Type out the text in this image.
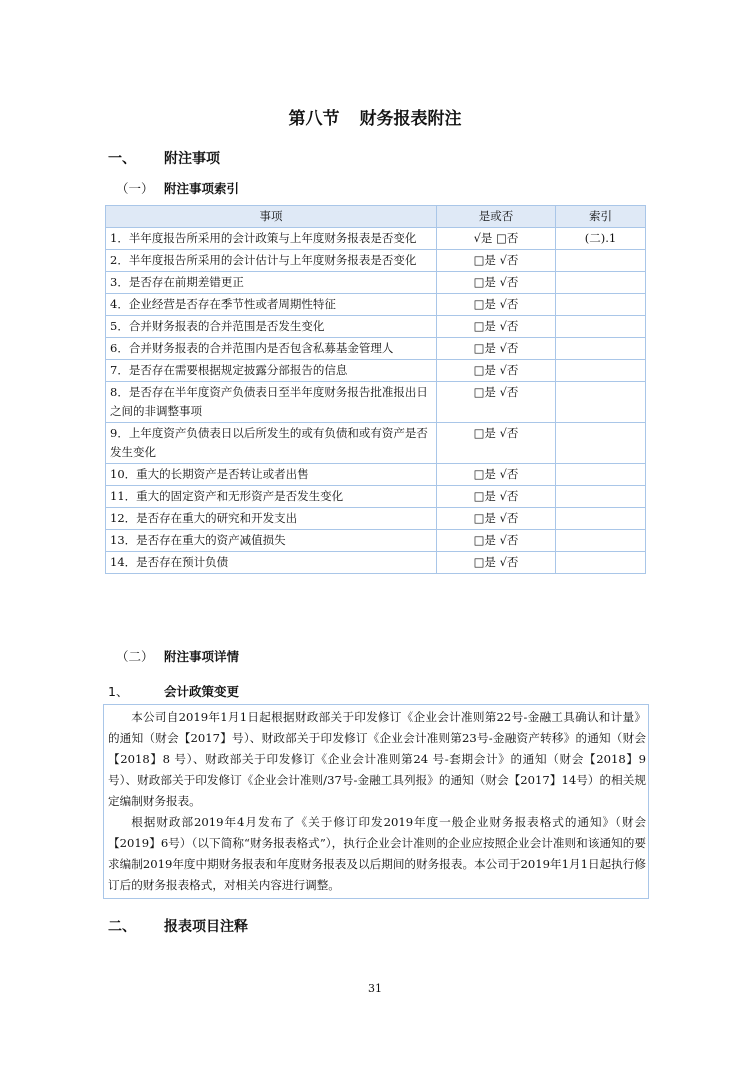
第八节 财务报表附注
一、 附注事项
（一） 附注事项索引
事项	是或否	索引
1．半年度报告所采用的会计政策与上年度财务报表是否变化	√是 □否	(二).1
2．半年度报告所采用的会计估计与上年度财务报表是否变化	□是 √否	
3．是否存在前期差错更正	□是 √否	
4．企业经营是否存在季节性或者周期性特征	□是 √否	
5．合并财务报表的合并范围是否发生变化	□是 √否	
6．合并财务报表的合并范围内是否包含私募基金管理人	□是 √否	
7．是否存在需要根据规定披露分部报告的信息	□是 √否	
8．是否存在半年度资产负债表日至半年度财务报告批准报出日之间的非调整事项	□是 √否	
9．上年度资产负债表日以后所发生的或有负债和或有资产是否发生变化	□是 √否	
10．重大的长期资产是否转让或者出售	□是 √否	
11．重大的固定资产和无形资产是否发生变化	□是 √否	
12．是否存在重大的研究和开发支出	□是 √否	
13．是否存在重大的资产减值损失	□是 √否	
14．是否存在预计负债	□是 √否	
（二） 附注事项详情
1、	会计政策变更

本公司自2019年1月1日起根据财政部关于印发修订《企业会计准则第22号-金融工具确认和计量》的通知（财会【2017】号）、财政部关于印发修订《企业会计准则第23号-金融资产转移》的通知（财会【2018】8 号）、财政部关于印发修订《企业会计准则第24 号-套期会计》的通知（财会【2018】9 号）、财政部关于印发修订《企业会计准则/37号-金融工具列报》的通知（财会【2017】14号）的相关规定编制财务报表。

根据财政部2019年4月发布了《关于修订印发2019年度一般企业财务报表格式的通知》（财会【2019】6号）（以下简称“财务报表格式”），执行企业会计准则的企业应按照企业会计准则和该通知的要求编制2019年度中期财务报表和年度财务报表及以后期间的财务报表。本公司于2019年1月1日起执行修订后的财务报表格式，对相关内容进行调整。

二、 报表项目注释
31
